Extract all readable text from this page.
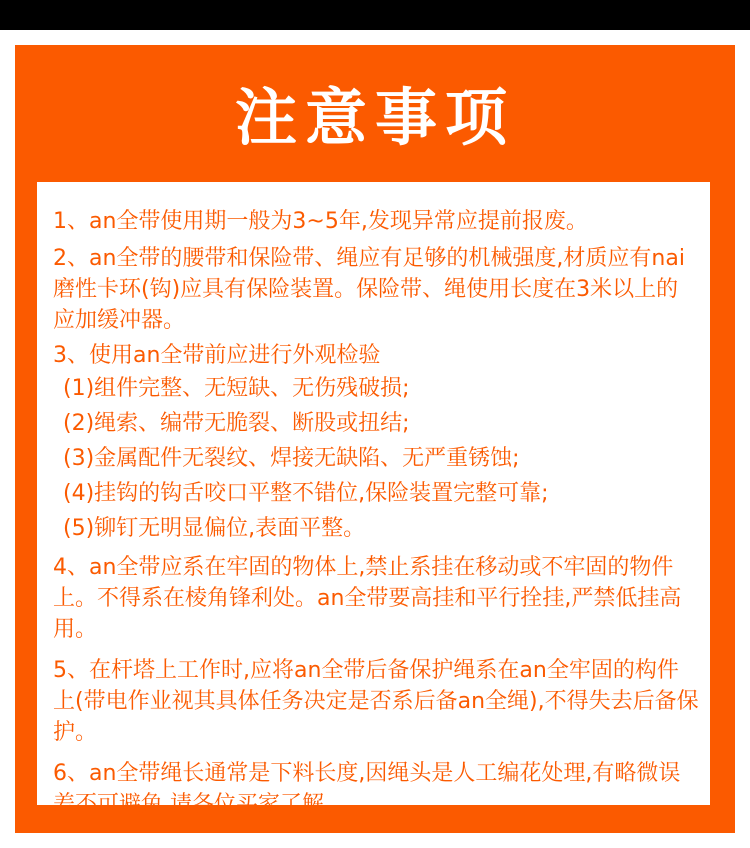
注意事项
1、an全带使用期一般为3~5年,发现异常应提前报废。
2、an全带的腰带和保险带、绳应有足够的机械强度,材质应有nai磨性卡环(钩)应具有保险装置。保险带、绳使用长度在3米以上的应加缓冲器。
3、使用an全带前应进行外观检验
(1)组件完整、无短缺、无伤残破损;
(2)绳索、编带无脆裂、断股或扭结;
(3)金属配件无裂纹、焊接无缺陷、无严重锈蚀;
(4)挂钩的钩舌咬口平整不错位,保险装置完整可靠;
(5)铆钉无明显偏位,表面平整。
4、an全带应系在牢固的物体上,禁止系挂在移动或不牢固的物件上。不得系在棱角锋利处。an全带要高挂和平行拴挂,严禁低挂高用。
5、在杆塔上工作时,应将an全带后备保护绳系在an全牢固的构件上(带电作业视其具体任务决定是否系后备an全绳),不得失去后备保护。
6、an全带绳长通常是下料长度,因绳头是人工编花处理,有略微误差不可避免,请各位买家了解。
